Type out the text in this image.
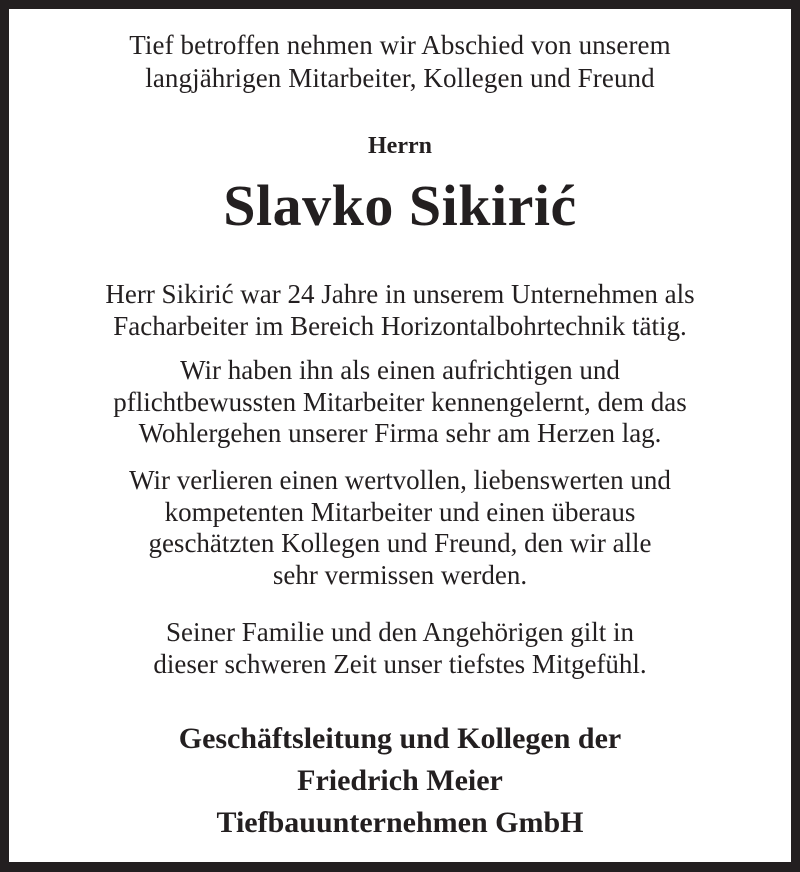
Tief betroffen nehmen wir Abschied von unserem
langjährigen Mitarbeiter, Kollegen und Freund
Herrn
Slavko Sikirić
Herr Sikirić war 24 Jahre in unserem Unternehmen als
Facharbeiter im Bereich Horizontalbohrtechnik tätig.
Wir haben ihn als einen aufrichtigen und
pflichtbewussten Mitarbeiter kennengelernt, dem das
Wohlergehen unserer Firma sehr am Herzen lag.
Wir verlieren einen wertvollen, liebenswerten und
kompetenten Mitarbeiter und einen überaus
geschätzten Kollegen und Freund, den wir alle
sehr vermissen werden.
Seiner Familie und den Angehörigen gilt in
dieser schweren Zeit unser tiefstes Mitgefühl.
Geschäftsleitung und Kollegen der
Friedrich Meier
Tiefbauunternehmen GmbH
